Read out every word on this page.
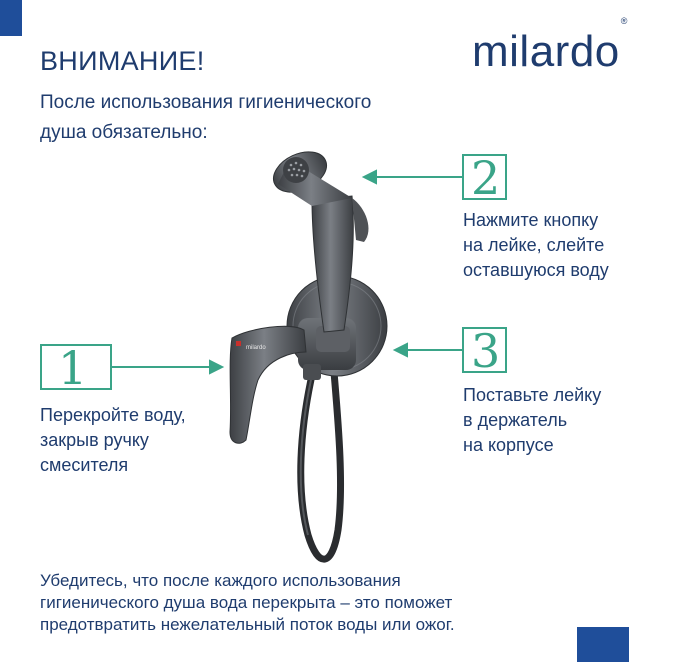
ВНИМАНИЕ!

После использования гигиенического
душа обязательно:

milardo®
milardo
1
2
3

Перекройте воду,
закрыв ручку
смесителя

Нажмите кнопку
на лейке, слейте
оставшуюся воду

Поставьте лейку
в держатель
на корпусе

Убедитесь, что после каждого использования
гигиенического душа вода перекрыта – это поможет
предотвратить нежелательный поток воды или ожог.
